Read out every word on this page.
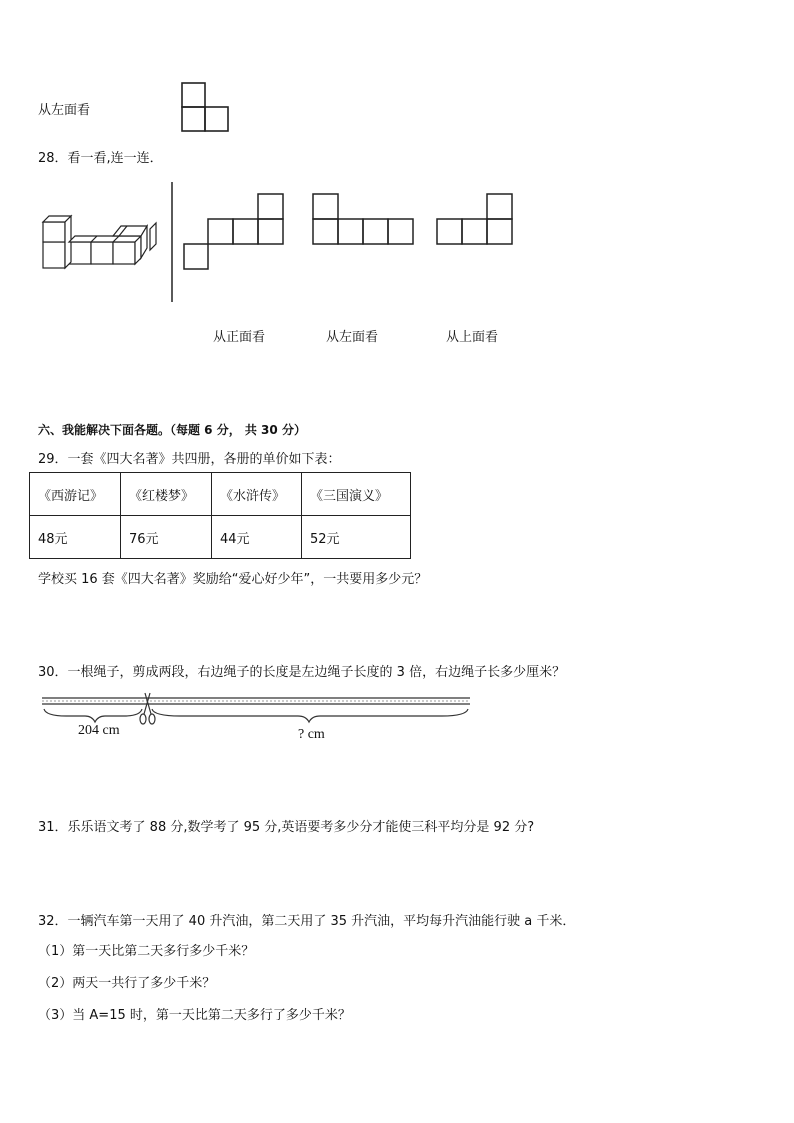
从左面看
28．看一看,连一连．
从正面看	从左面看	从上面看
六、我能解决下面各题。（每题 6 分， 共 30 分）
29．一套《四大名著》共四册，各册的单价如下表：
《西游记》	《红楼梦》	《水浒传》	《三国演义》
48元	76元	44元	52元
学校买 16 套《四大名著》奖励给“爱心好少年”，一共要用多少元？
30．一根绳子，剪成两段，右边绳子的长度是左边绳子长度的 3 倍，右边绳子长多少厘米？
204 cm	? cm
31．乐乐语文考了 88 分,数学考了 95 分,英语要考多少分才能使三科平均分是 92 分?
32．一辆汽车第一天用了 40 升汽油，第二天用了 35 升汽油，平均每升汽油能行驶 a 千米．
（1）第一天比第二天多行多少千米？
（2）两天一共行了多少千米？
（3）当 A=15 时，第一天比第二天多行了多少千米？
